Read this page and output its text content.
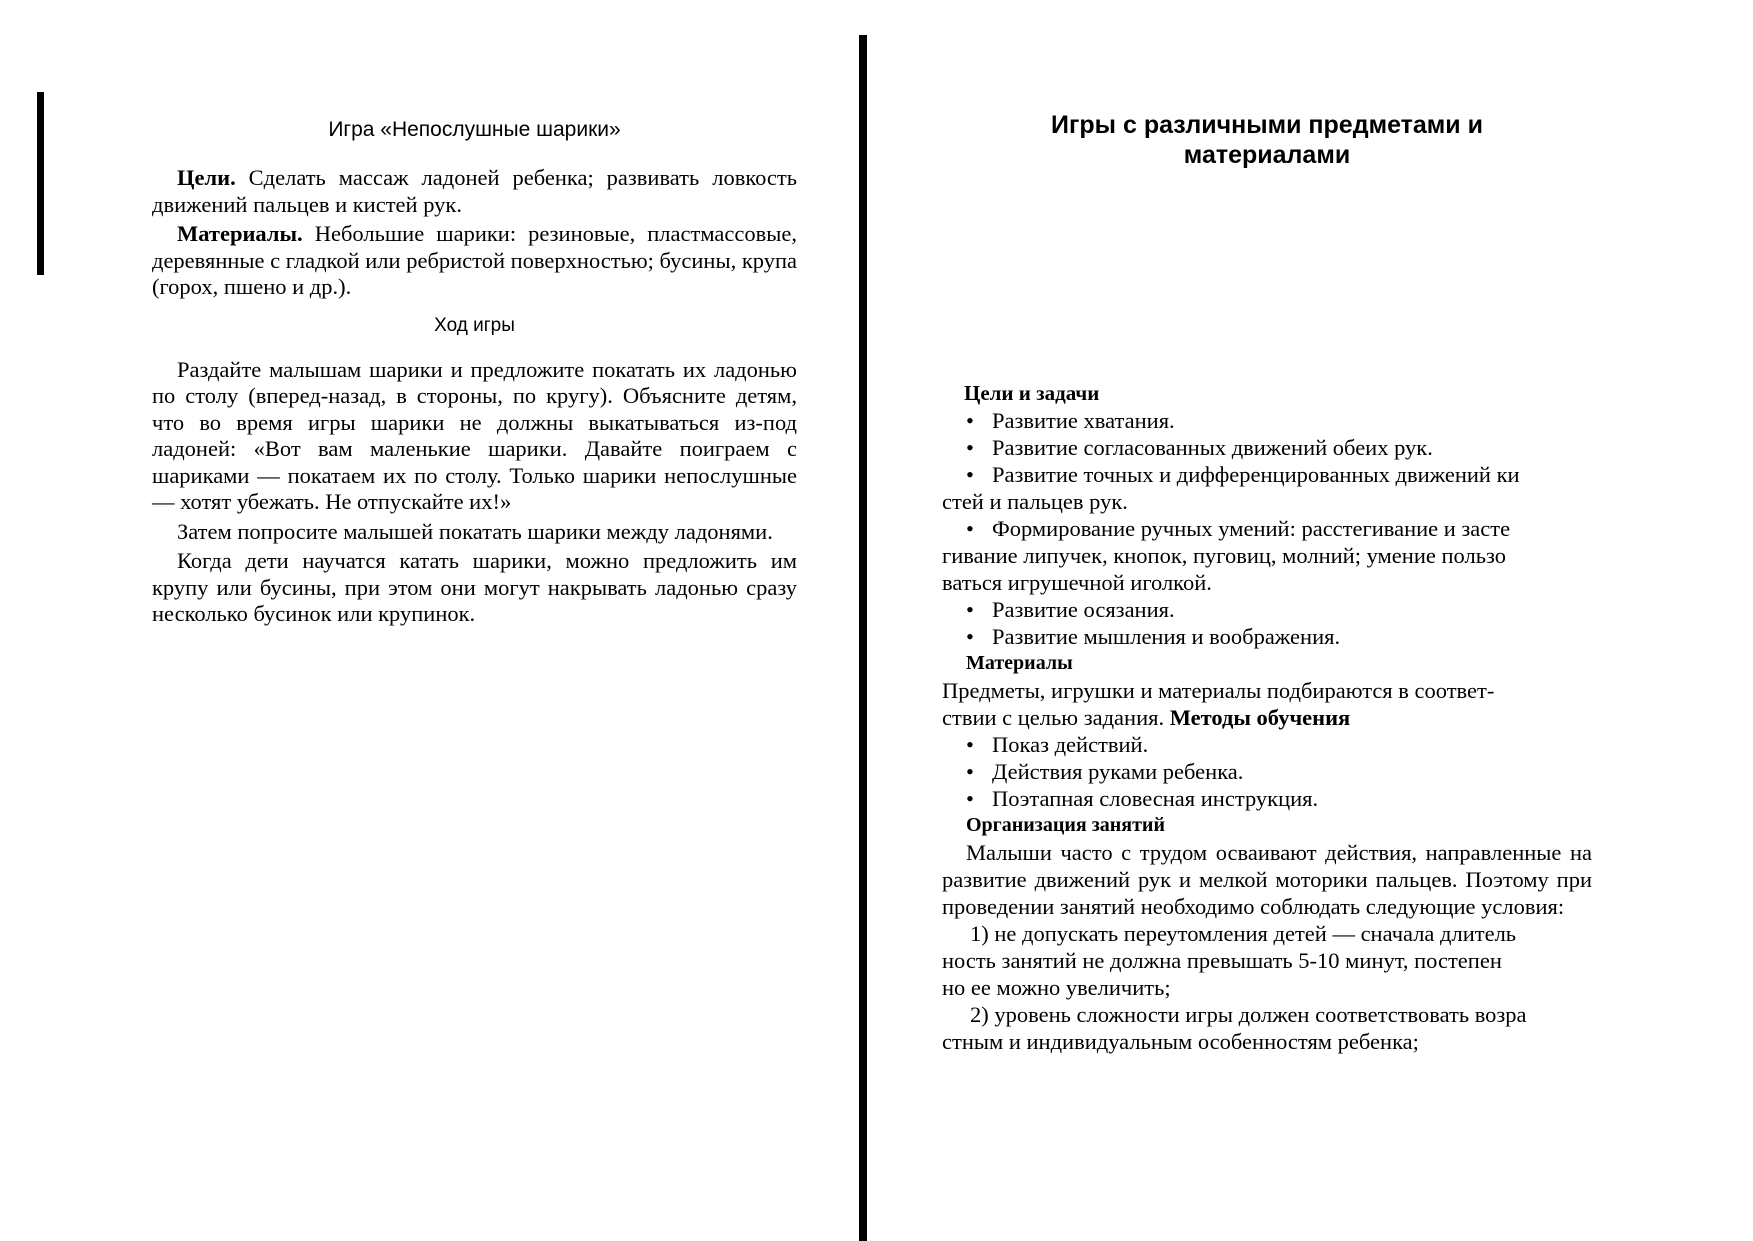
Игра «Непослушные шарики»

Цели. Сделать массаж ладоней ребенка; развивать ловкость движений пальцев и кистей рук.

Материалы. Небольшие шарики: резиновые, пластмассовые, деревянные с гладкой или ребристой поверхностью; бусины, крупа (горох, пшено и др.).

Ход игры

Раздайте малышам шарики и предложите покатать их ладонью по столу (вперед-назад, в стороны, по кругу). Объясните детям, что во время игры шарики не должны выкатываться из-под ладоней: «Вот вам маленькие шарики. Давайте поиграем с шариками — покатаем их по столу. Только шарики непослушные — хотят убежать. Не отпускайте их!»

Затем попросите малышей покатать шарики между ладонями.

Когда дети научатся катать шарики, можно предложить им крупу или бусины, при этом они могут накрывать ладонью сразу несколько бусинок или крупинок.

Игры с различными предметами и
материалами

Цели и задачи

• Развитие хватания.

• Развитие согласованных движений обеих рук.

• Развитие точных и дифференцированных движений ки

стей и пальцев рук.

• Формирование ручных умений: расстегивание и засте

гивание липучек, кнопок, пуговиц, молний; умение пользо

ваться игрушечной иголкой.

• Развитие осязания.

• Развитие мышления и воображения.

Материалы

Предметы, игрушки и материалы подбираются в соответ-

ствии с целью задания. Методы обучения

• Показ действий.

• Действия руками ребенка.

• Поэтапная словесная инструкция.

Организация занятий

Малыши часто с трудом осваивают действия, направленные на развитие движений рук и мелкой моторики пальцев. Поэтому при проведении занятий необходимо соблюдать следующие условия:

1) не допускать переутомления детей — сначала длитель

ность занятий не должна превышать 5-10 минут, постепен

но ее можно увеличить;

2) уровень сложности игры должен соответствовать возра

стным и индивидуальным особенностям ребенка;
